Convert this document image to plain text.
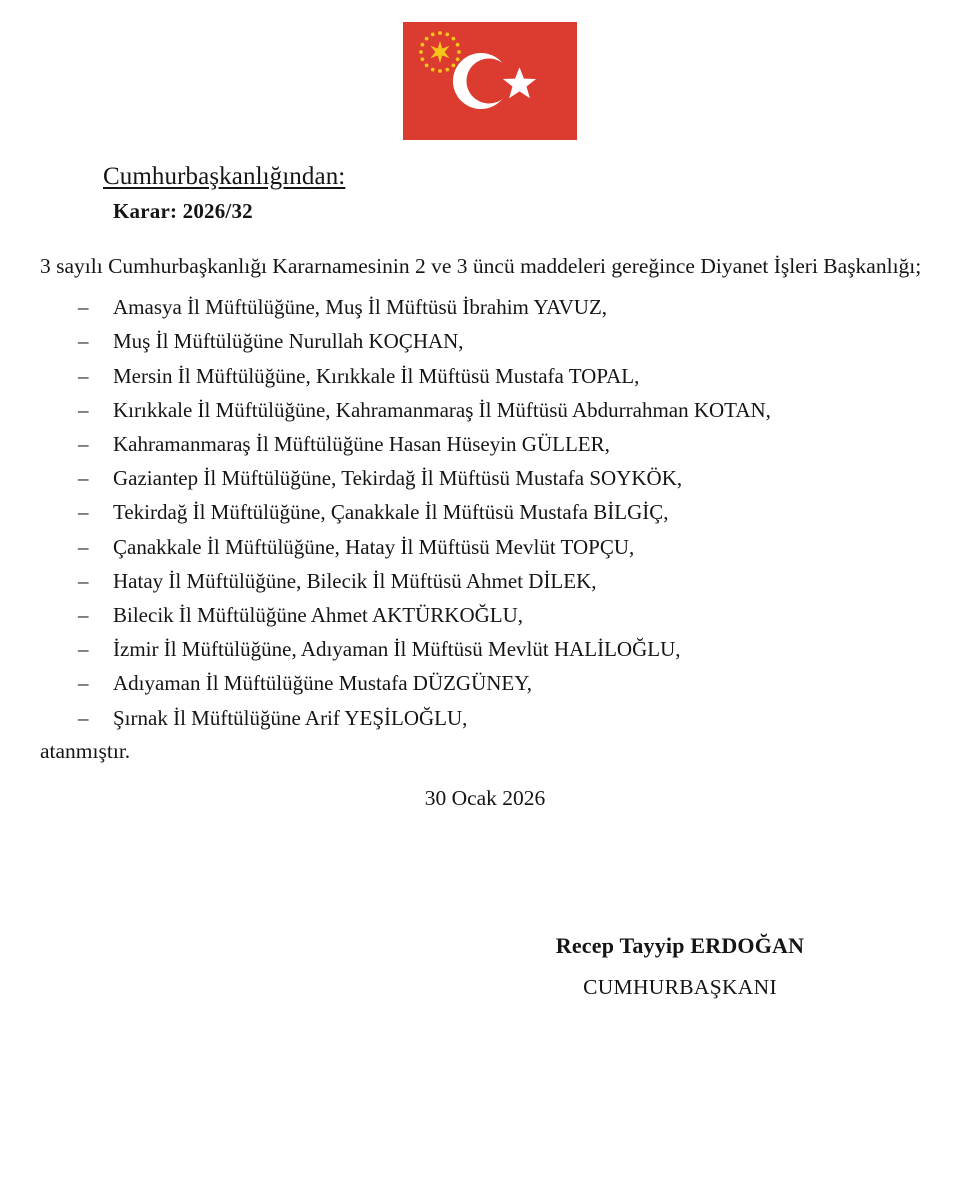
Cumhurbaşkanlığından:
Karar: 2026/32

3 sayılı Cumhurbaşkanlığı Kararnamesinin 2 ve 3 üncü maddeleri gereğince Diyanet İşleri Başkanlığı;

– Amasya İl Müftülüğüne, Muş İl Müftüsü İbrahim YAVUZ,
– Muş İl Müftülüğüne Nurullah KOÇHAN,
– Mersin İl Müftülüğüne, Kırıkkale İl Müftüsü Mustafa TOPAL,
– Kırıkkale İl Müftülüğüne, Kahramanmaraş İl Müftüsü Abdurrahman KOTAN,
– Kahramanmaraş İl Müftülüğüne Hasan Hüseyin GÜLLER,
– Gaziantep İl Müftülüğüne, Tekirdağ İl Müftüsü Mustafa SOYKÖK,
– Tekirdağ İl Müftülüğüne, Çanakkale İl Müftüsü Mustafa BİLGİÇ,
– Çanakkale İl Müftülüğüne, Hatay İl Müftüsü Mevlüt TOPÇU,
– Hatay İl Müftülüğüne, Bilecik İl Müftüsü Ahmet DİLEK,
– Bilecik İl Müftülüğüne Ahmet AKTÜRKOĞLU,
– İzmir İl Müftülüğüne, Adıyaman İl Müftüsü Mevlüt HALİLOĞLU,
– Adıyaman İl Müftülüğüne Mustafa DÜZGÜNEY,
– Şırnak İl Müftülüğüne Arif YEŞİLOĞLU,
atanmıştır.
30 Ocak 2026
Recep Tayyip ERDOĞAN
CUMHURBAŞKANI
